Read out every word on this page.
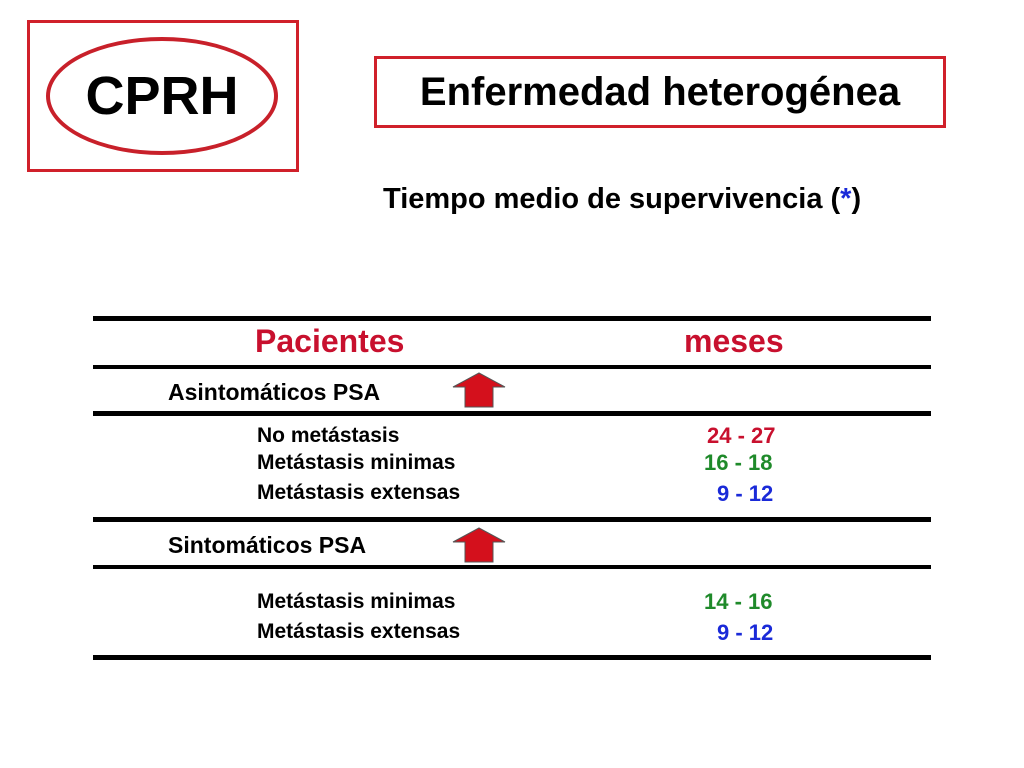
CPRH	Enfermedad heterogénea
Tiempo medio de supervivencia (*)
Pacientes	meses
Asintomáticos PSA
No metástasis	24 - 27
Metástasis minimas	16 - 18
Metástasis extensas	9 - 12
Sintomáticos PSA
Metástasis minimas	14 - 16
Metástasis extensas	9 - 12
